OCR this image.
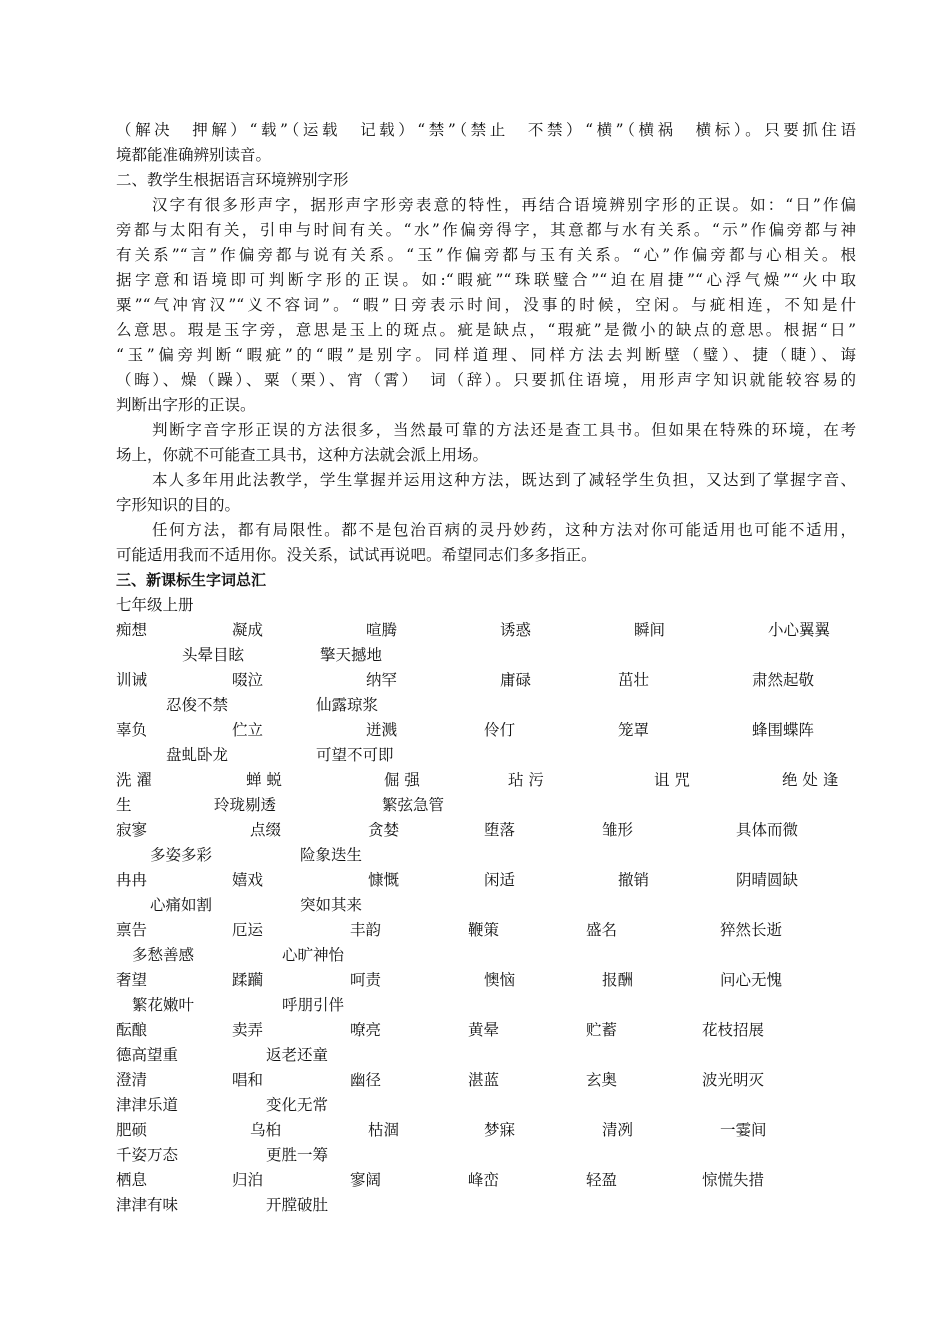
（解决　押解）“载”（运载　记载）“禁”（禁止　不禁）“横”（横祸　横标）。只要抓住语
境都能准确辨别读音。
二、教学生根据语言环境辨别字形
汉字有很多形声字，据形声字形旁表意的特性，再结合语境辨别字形的正误。如：“日”作偏
旁都与太阳有关，引申与时间有关。“水”作偏旁得字，其意都与水有关系。“示”作偏旁都与神
有关系”“言”作偏旁都与说有关系。“玉”作偏旁都与玉有关系。“心”作偏旁都与心相关。根
据字意和语境即可判断字形的正误。如:“暇疵”“珠联璧合”“迫在眉捷”“心浮气燥”“火中取
粟”“气冲宵汉”“义不容词”。“暇”日旁表示时间，没事的时候，空闲。与疵相连，不知是什
么意思。瑕是玉字旁，意思是玉上的斑点。疵是缺点，“瑕疵”是微小的缺点的意思。根据“日”
“玉”偏旁判断“暇疵”的“暇”是别字。同样道理、同样方法去判断壁（璧）、捷（睫）、诲
（晦）、燥（躁）、粟（栗）、宵（霄）　词（辞）。只要抓住语境，用形声字知识就能较容易的
判断出字形的正误。
判断字音字形正误的方法很多，当然最可靠的方法还是查工具书。但如果在特殊的环境，在考
场上，你就不可能查工具书，这种方法就会派上用场。
本人多年用此法教学，学生掌握并运用这种方法，既达到了减轻学生负担，又达到了掌握字音、
字形知识的目的。
任何方法，都有局限性。都不是包治百病的灵丹妙药，这种方法对你可能适用也可能不适用，
可能适用我而不适用你。没关系，试试再说吧。希望同志们多多指正。
三、新课标生字词总汇
七年级上册
痴想	凝成	喧腾	诱惑	瞬间	小心翼翼
头晕目眩	擎天撼地
训诫	啜泣	纳罕	庸碌	茁壮	肃然起敬
忍俊不禁	仙露琼浆
辜负	伫立	迸溅	伶仃	笼罩	蜂围蝶阵
盘虬卧龙	可望不可即
洗 濯	蝉 蜕	倔 强	玷 污	诅 咒	绝 处 逢
生	玲珑剔透	繁弦急管
寂寥	点缀	贪婪	堕落	雏形	具体而微
多姿多彩	险象迭生
冉冉	嬉戏	慷慨	闲适	撤销	阴晴圆缺
心痛如割	突如其来
禀告	厄运	丰韵	鞭策	盛名	猝然长逝
多愁善感	心旷神怡
奢望	蹂躏	呵责	懊恼	报酬	问心无愧
繁花嫩叶	呼朋引伴
酝酿	卖弄	嘹亮	黄晕	贮蓄	花枝招展
德高望重	返老还童
澄清	唱和	幽径	湛蓝	玄奥	波光明灭
津津乐道	变化无常
肥硕	乌桕	枯涸	梦寐	清冽	一霎间
千姿万态	更胜一筹
栖息	归泊	寥阔	峰峦	轻盈	惊慌失措
津津有味	开膛破肚
